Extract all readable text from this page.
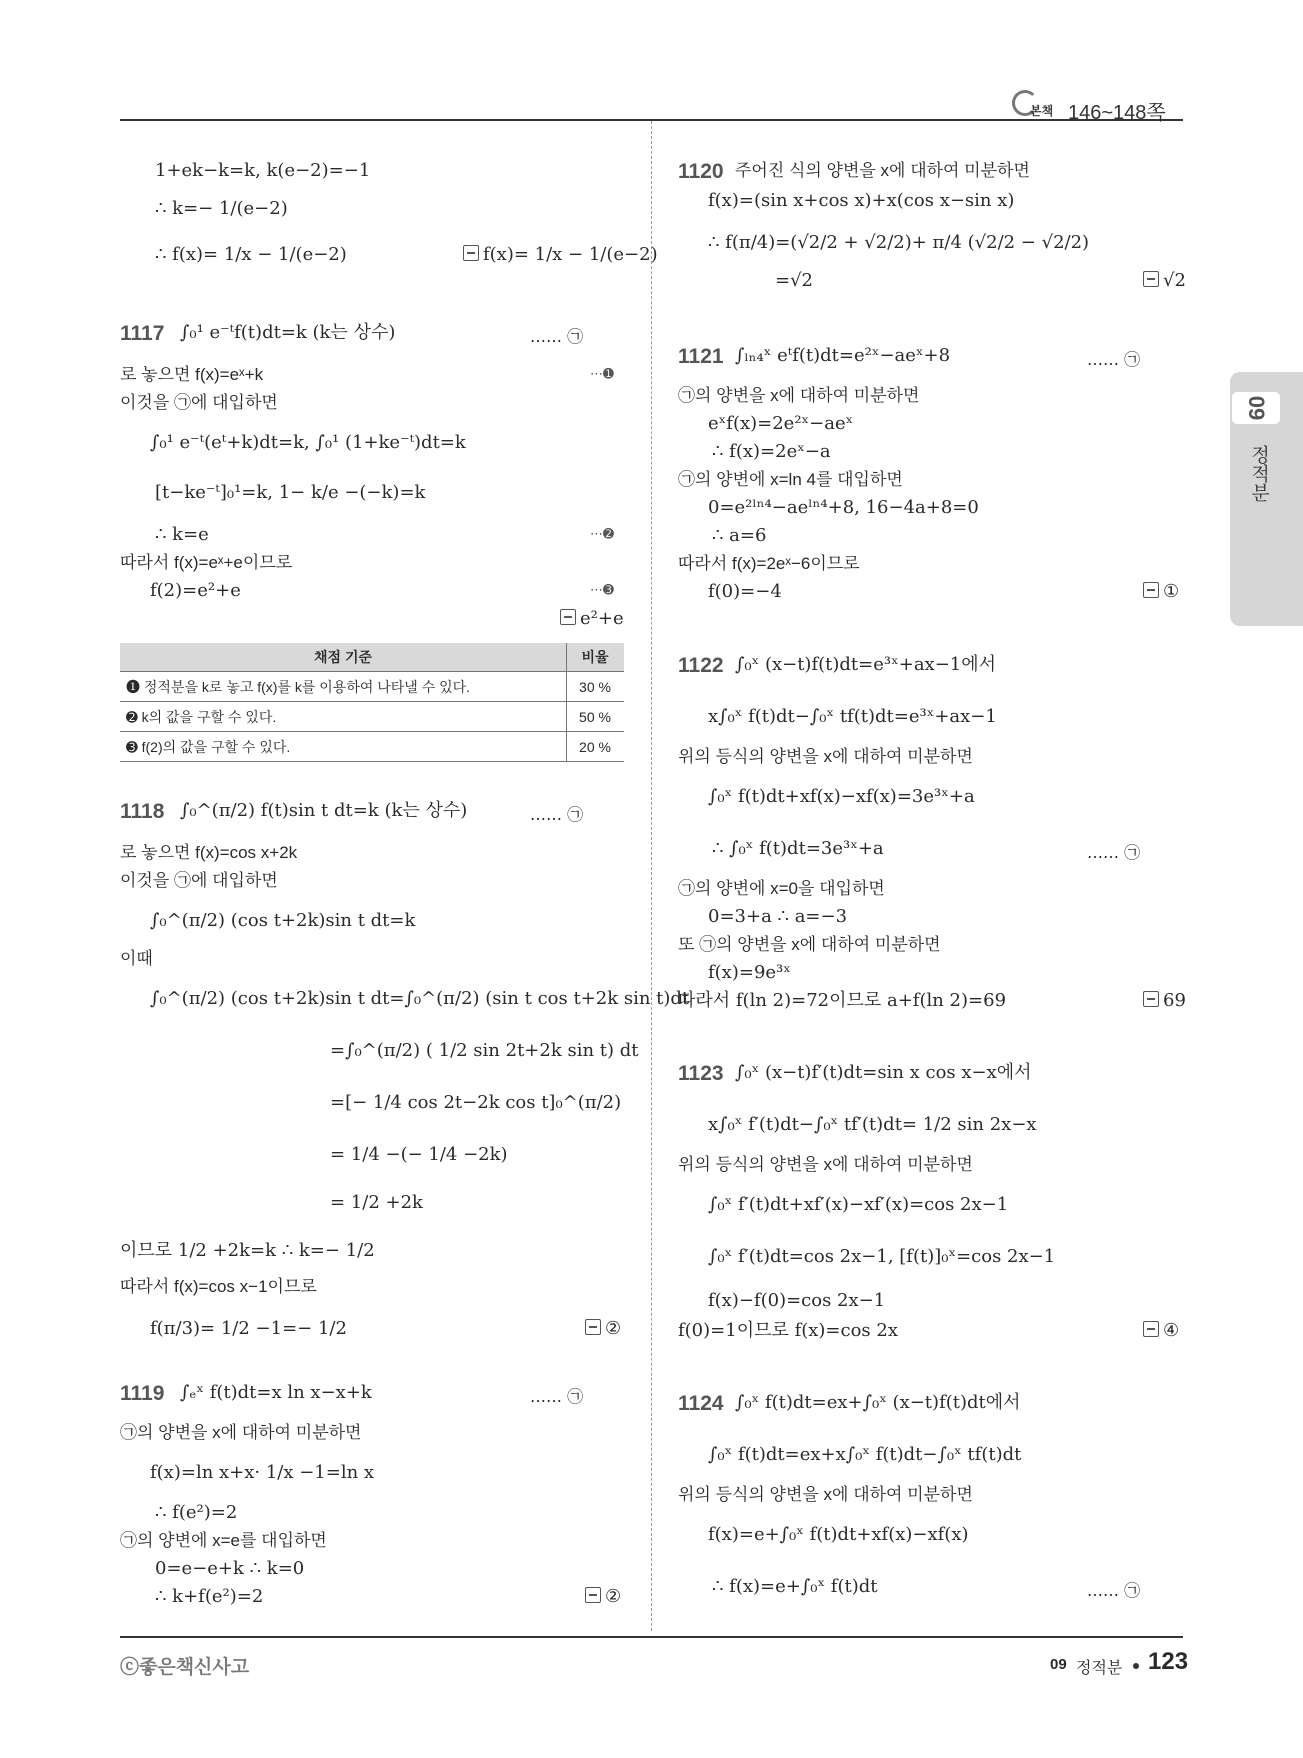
본책 146~148쪽
09
정적분
1+ek−k=k, k(e−2)=−1
∴ k=− 1/(e−2)
∴ f(x)= 1/x − 1/(e−2)	f(x)= 1/x − 1/(e−2)
1117 ∫₀¹ e⁻ᵗf(t)dt=k (k는 상수)	…… ㉠
로 놓으면 f(x)=eˣ+k	⋯➊
이것을 ㉠에 대입하면
∫₀¹ e⁻ᵗ(eᵗ+k)dt=k, ∫₀¹ (1+ke⁻ᵗ)dt=k
[t−ke⁻ᵗ]₀¹=k, 1− k/e −(−k)=k
∴ k=e	⋯➋
따라서 f(x)=eˣ+e이므로
f(2)=e²+e	⋯➌
e²+e
채점 기준	비율
➊ 정적분을 k로 놓고 f(x)를 k를 이용하여 나타낼 수 있다.	30 %
➋ k의 값을 구할 수 있다.	50 %
➌ f(2)의 값을 구할 수 있다.	20 %
1118 ∫₀^(π/2) f(t)sin t dt=k (k는 상수)	…… ㉠
로 놓으면 f(x)=cos x+2k
이것을 ㉠에 대입하면
∫₀^(π/2) (cos t+2k)sin t dt=k
이때
∫₀^(π/2) (cos t+2k)sin t dt=∫₀^(π/2) (sin t cos t+2k sin t)dt
=∫₀^(π/2) ( 1/2 sin 2t+2k sin t) dt
=[− 1/4 cos 2t−2k cos t]₀^(π/2)
= 1/4 −(− 1/4 −2k)
= 1/2 +2k
이므로 1/2 +2k=k ∴ k=− 1/2
따라서 f(x)=cos x−1이므로
f(π/3)= 1/2 −1=− 1/2	②
1119 ∫ₑˣ f(t)dt=x ln x−x+k	…… ㉠
㉠의 양변을 x에 대하여 미분하면
f(x)=ln x+x· 1/x −1=ln x
∴ f(e²)=2
㉠의 양변에 x=e를 대입하면
0=e−e+k ∴ k=0
∴ k+f(e²)=2	②
1120 주어진 식의 양변을 x에 대하여 미분하면
f(x)=(sin x+cos x)+x(cos x−sin x)
∴ f(π/4)=(√2/2 + √2/2)+ π/4 (√2/2 − √2/2)
=√2	√2
1121 ∫ₗₙ₄ˣ eᵗf(t)dt=e²ˣ−aeˣ+8	…… ㉠
㉠의 양변을 x에 대하여 미분하면
eˣf(x)=2e²ˣ−aeˣ
∴ f(x)=2eˣ−a
㉠의 양변에 x=ln 4를 대입하면
0=e²ˡⁿ⁴−aeˡⁿ⁴+8, 16−4a+8=0
∴ a=6
따라서 f(x)=2eˣ−6이므로
f(0)=−4	①
1122 ∫₀ˣ (x−t)f(t)dt=e³ˣ+ax−1에서
x∫₀ˣ f(t)dt−∫₀ˣ tf(t)dt=e³ˣ+ax−1
위의 등식의 양변을 x에 대하여 미분하면
∫₀ˣ f(t)dt+xf(x)−xf(x)=3e³ˣ+a
∴ ∫₀ˣ f(t)dt=3e³ˣ+a	…… ㉠
㉠의 양변에 x=0을 대입하면
0=3+a ∴ a=−3
또 ㉠의 양변을 x에 대하여 미분하면
f(x)=9e³ˣ
따라서 f(ln 2)=72이므로 a+f(ln 2)=69	69
1123 ∫₀ˣ (x−t)f′(t)dt=sin x cos x−x에서
x∫₀ˣ f′(t)dt−∫₀ˣ tf′(t)dt= 1/2 sin 2x−x
위의 등식의 양변을 x에 대하여 미분하면
∫₀ˣ f′(t)dt+xf′(x)−xf′(x)=cos 2x−1
∫₀ˣ f′(t)dt=cos 2x−1, [f(t)]₀ˣ=cos 2x−1
f(x)−f(0)=cos 2x−1
f(0)=1이므로 f(x)=cos 2x	④
1124 ∫₀ˣ f(t)dt=ex+∫₀ˣ (x−t)f(t)dt에서
∫₀ˣ f(t)dt=ex+x∫₀ˣ f(t)dt−∫₀ˣ tf(t)dt
위의 등식의 양변을 x에 대하여 미분하면
f(x)=e+∫₀ˣ f(t)dt+xf(x)−xf(x)
∴ f(x)=e+∫₀ˣ f(t)dt	…… ㉠
ⓒ좋은책신사고	09 정적분 123
